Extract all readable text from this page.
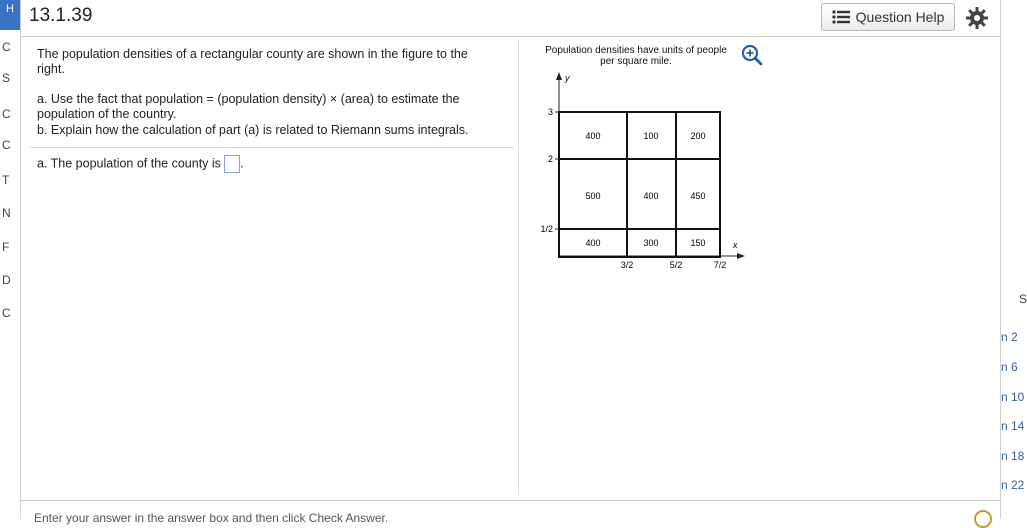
H
C
S
C
C
T
N
F
D
C
13.1.39	Question Help
The population densities of a rectangular county are shown in the figure to the right.
a. Use the fact that population = (population density) × (area) to estimate the population of the country.
b. Explain how the calculation of part (a) is related to Riemann sums integrals.
a. The population of the county is .
Population densities have units of people per square mile.
y
x
3
2
1/2
3/2	5/2	7/2
400	100	200
500	400	450
400	300	150
S
n 2
n 6
n 10
n 14
n 18
n 22
Enter your answer in the answer box and then click Check Answer.
